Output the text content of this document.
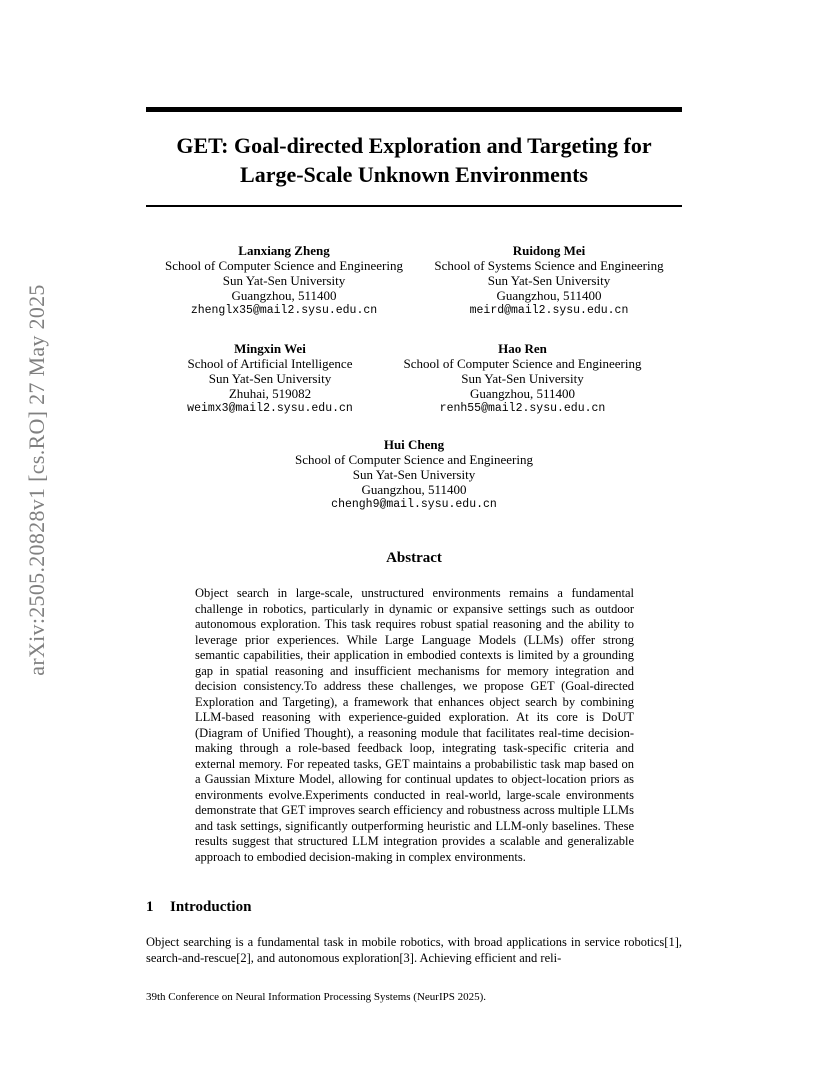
arXiv:2505.20828v1 [cs.RO] 27 May 2025
GET: Goal-directed Exploration and Targeting for
Large-Scale Unknown Environments
Lanxiang Zheng
School of Computer Science and Engineering
Sun Yat-Sen University
Guangzhou, 511400
zhenglx35@mail2.sysu.edu.cn
Ruidong Mei
School of Systems Science and Engineering
Sun Yat-Sen University
Guangzhou, 511400
meird@mail2.sysu.edu.cn
Mingxin Wei
School of Artificial Intelligence
Sun Yat-Sen University
Zhuhai, 519082
weimx3@mail2.sysu.edu.cn
Hao Ren
School of Computer Science and Engineering
Sun Yat-Sen University
Guangzhou, 511400
renh55@mail2.sysu.edu.cn
Hui Cheng
School of Computer Science and Engineering
Sun Yat-Sen University
Guangzhou, 511400
chengh9@mail.sysu.edu.cn
Abstract
Object search in large-scale, unstructured environments remains a fundamental challenge in robotics, particularly in dynamic or expansive settings such as outdoor autonomous exploration. This task requires robust spatial reasoning and the ability to leverage prior experiences. While Large Language Models (LLMs) offer strong semantic capabilities, their application in embodied contexts is limited by a grounding gap in spatial reasoning and insufficient mechanisms for memory integration and decision consistency.To address these challenges, we propose GET (Goal-directed Exploration and Targeting), a framework that enhances object search by combining LLM-based reasoning with experience-guided exploration. At its core is DoUT (Diagram of Unified Thought), a reasoning module that facilitates real-time decision-making through a role-based feedback loop, integrating task-specific criteria and external memory. For repeated tasks, GET maintains a probabilistic task map based on a Gaussian Mixture Model, allowing for continual updates to object-location priors as environments evolve.Experiments conducted in real-world, large-scale environments demonstrate that GET improves search efficiency and robustness across multiple LLMs and task settings, significantly outperforming heuristic and LLM-only baselines. These results suggest that structured LLM integration provides a scalable and generalizable approach to embodied decision-making in complex environments.
1 Introduction
Object searching is a fundamental task in mobile robotics, with broad applications in service robotics[1], search-and-rescue[2], and autonomous exploration[3]. Achieving efficient and reli-
39th Conference on Neural Information Processing Systems (NeurIPS 2025).
